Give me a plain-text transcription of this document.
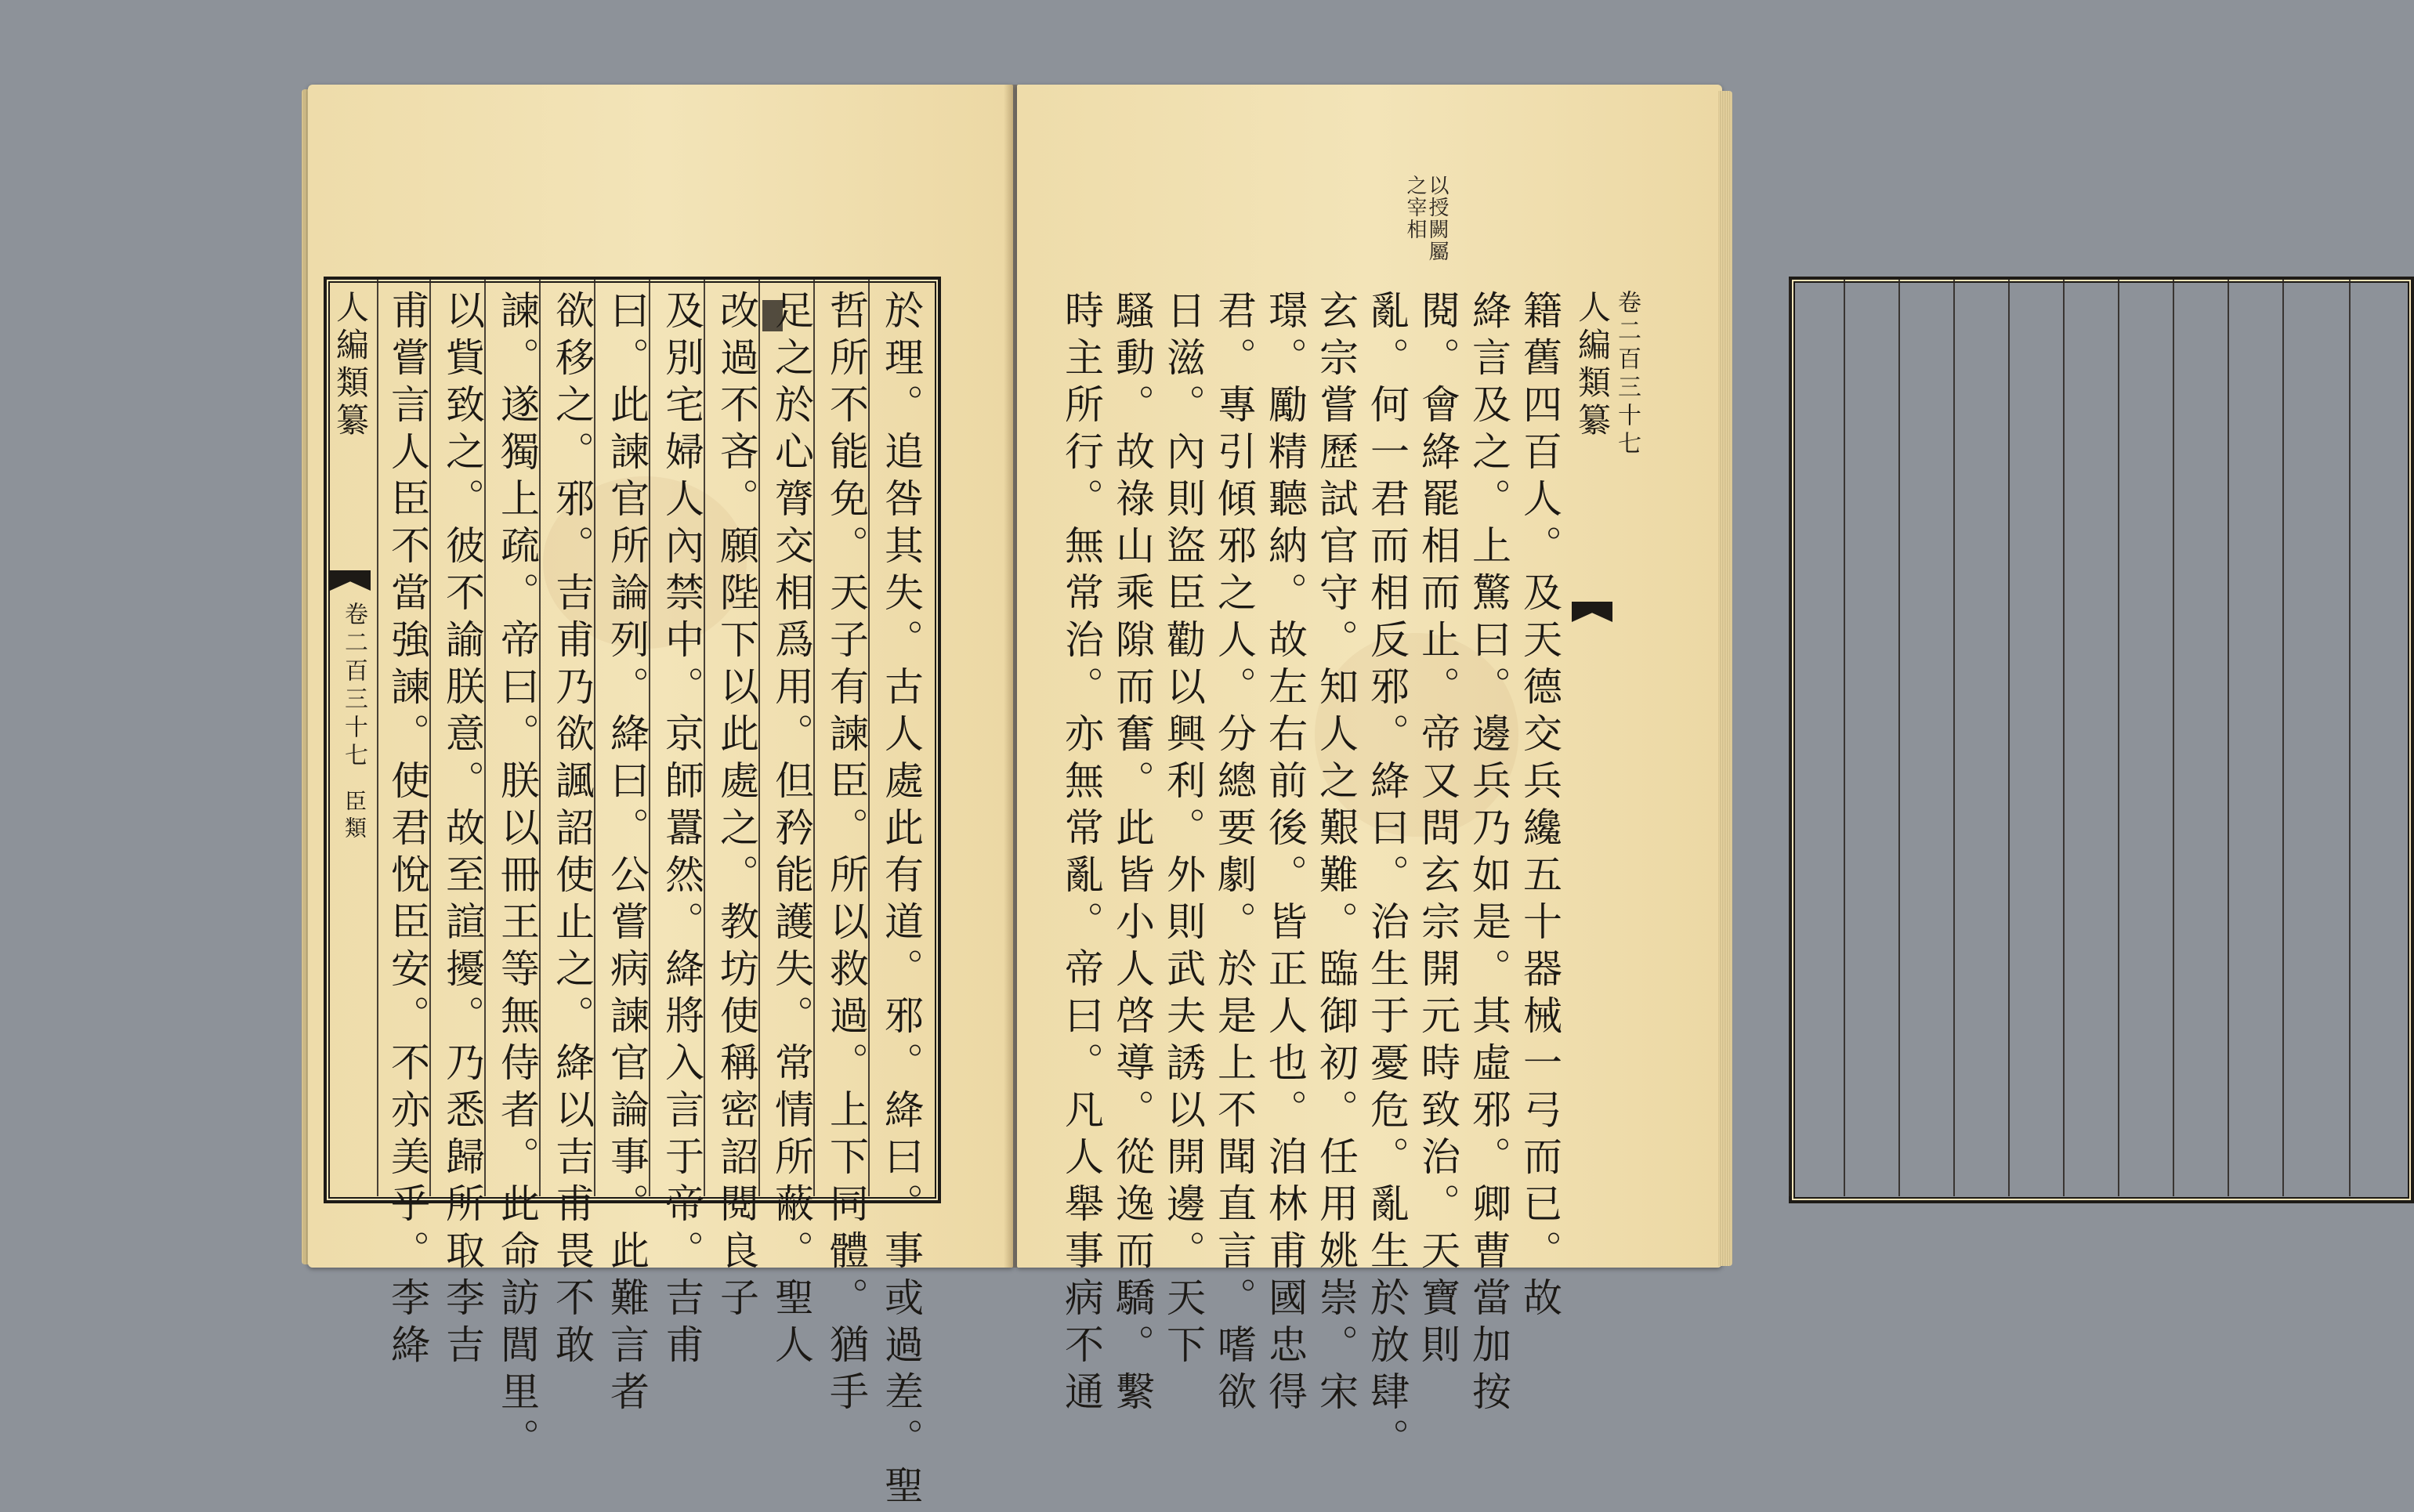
於理。追咎其失。古人處此有道。邪。絳曰。事或過差。聖
哲所不能免。天子有諫臣。所以救過。上下同體。猶手
足之於心膂交相爲用。但矜能護失。常情所蔽。聖人
改過不吝。願陛下以此處之。教坊使稱密詔閱良子
及別宅婦人內禁中。京師囂然。絳將入言于帝。吉甫
曰。此諫官所論列。絳曰。公嘗病諫官論事。此難言者
欲移之。邪。吉甫乃欲諷詔使止之。絳以吉甫畏不敢
諫。遂獨上疏。帝曰。朕以冊王等無侍者。此命訪閭里。
以貲致之。彼不諭朕意。故至諠擾。乃悉歸所取李吉
甫嘗言人臣不當強諫。使君悅臣安。不亦美乎。李絳
人編類纂
卷二百三十七
臣類
以授闕屬
之宰相
籍舊四百人。及天德交兵纔五十器械一弓而已。故
絳言及之。上驚曰。邊兵乃如是。其虛邪。卿曹當加按
閱。會絳罷相而止。帝又問玄宗開元時致治。天寶則
亂。何一君而相反邪。絳曰。治生于憂危。亂生於放肆。
玄宗嘗歷試官守。知人之艱難。臨御初。任用姚崇。宋
璟。勵精聽納。故左右前後。皆正人也。洎林甫國忠得
君。專引傾邪之人。分總要劇。於是上不聞直言。嗜欲
日滋。內則盜臣勸以興利。外則武夫誘以開邊。天下
騷動。故祿山乘隙而奮。此皆小人啓導。從逸而驕。繫
時主所行。無常治。亦無常亂。帝曰。凡人舉事病不通	人編類纂 卷二百三十七
